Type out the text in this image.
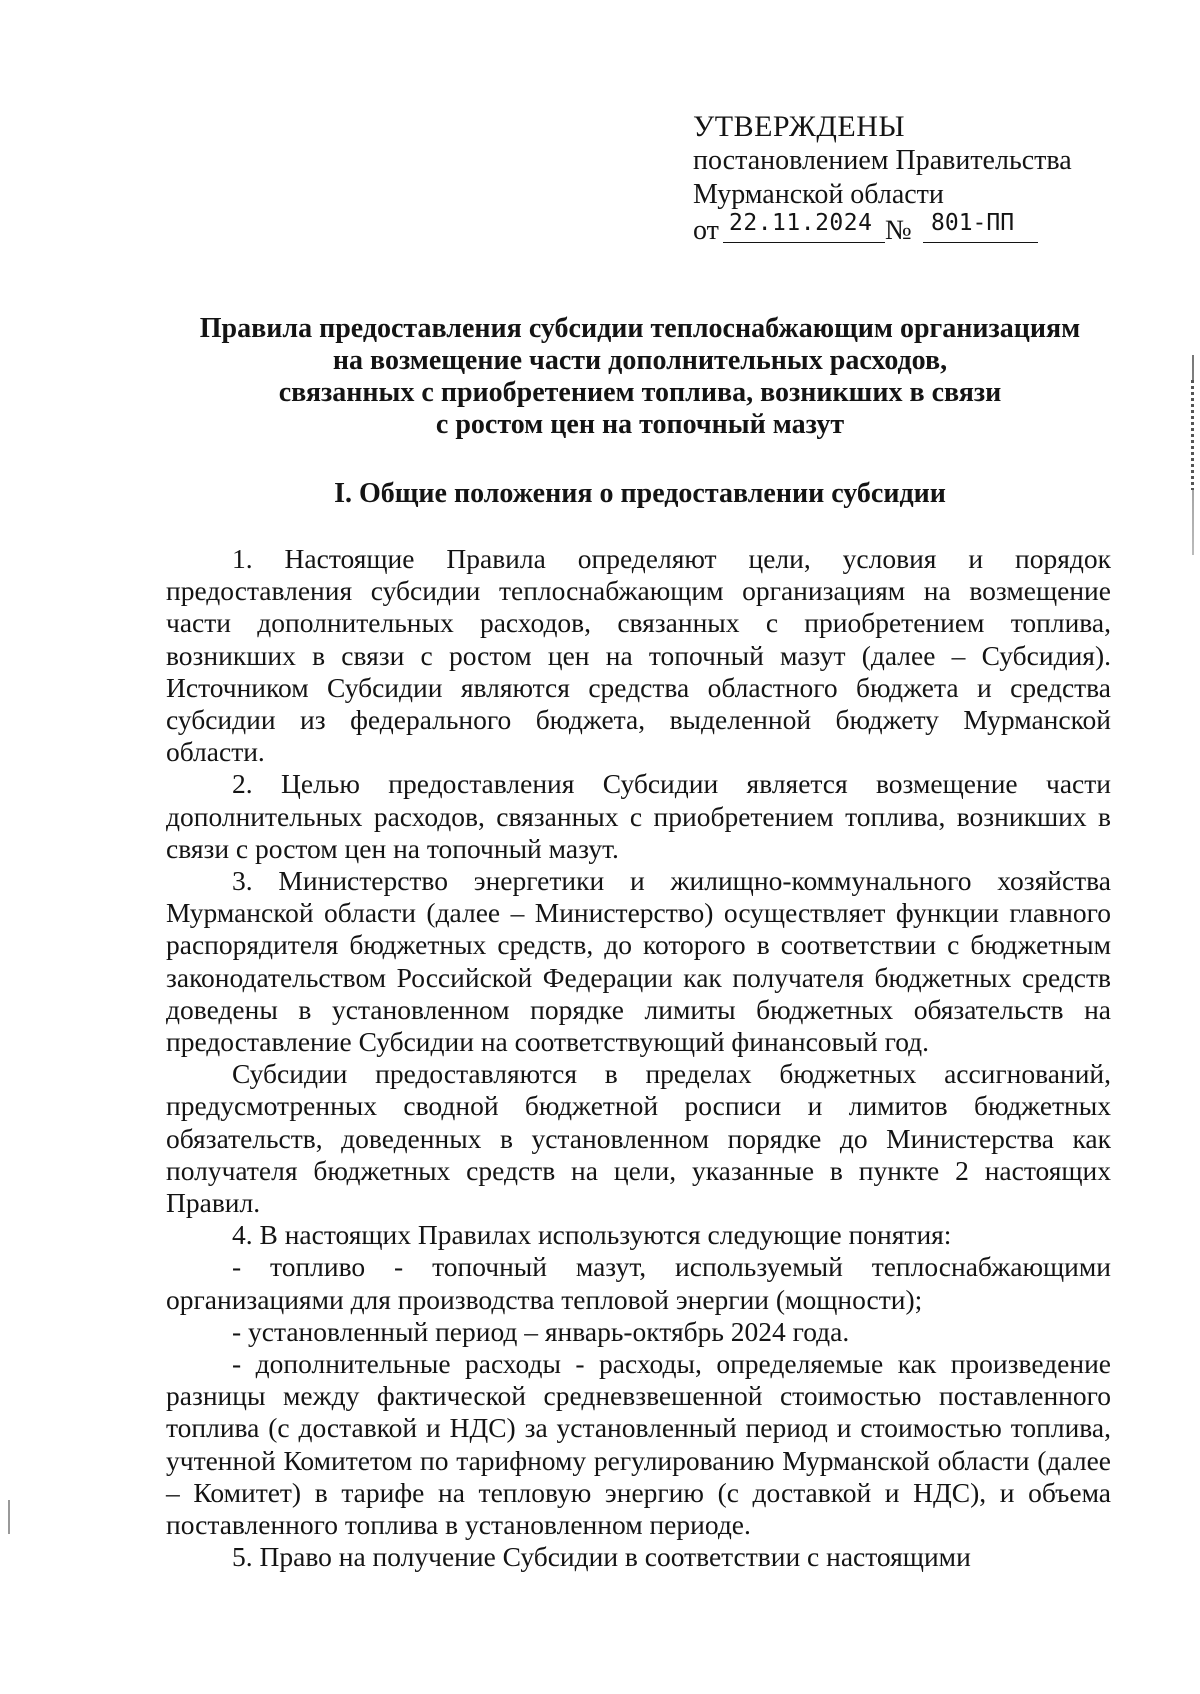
УТВЕРЖДЕНЫ
постановлением Правительства
Мурманской области
от 22.11.2024 № 801-ПП
Правила предоставления субсидии теплоснабжающим организациям
на возмещение части дополнительных расходов,
связанных с приобретением топлива, возникших в связи
с ростом цен на топочный мазут
I. Общие положения о предоставлении субсидии

1. Настоящие Правила определяют цели, условия и порядок предоставления субсидии теплоснабжающим организациям на возмещение части дополнительных расходов, связанных с приобретением топлива, возникших в связи с ростом цен на топочный мазут (далее – Субсидия). Источником Субсидии являются средства областного бюджета и средства субсидии из федерального бюджета, выделенной бюджету Мурманской области.

2. Целью предоставления Субсидии является возмещение части дополнительных расходов, связанных с приобретением топлива, возникших в связи с ростом цен на топочный мазут.

3. Министерство энергетики и жилищно-коммунального хозяйства Мурманской области (далее – Министерство) осуществляет функции главного распорядителя бюджетных средств, до которого в соответствии с бюджетным законодательством Российской Федерации как получателя бюджетных средств доведены в установленном порядке лимиты бюджетных обязательств на предоставление Субсидии на соответствующий финансовый год.

Субсидии предоставляются в пределах бюджетных ассигнований, предусмотренных сводной бюджетной росписи и лимитов бюджетных обязательств, доведенных в установленном порядке до Министерства как получателя бюджетных средств на цели, указанные в пункте 2 настоящих Правил.

4. В настоящих Правилах используются следующие понятия:

- топливо - топочный мазут, используемый теплоснабжающими организациями для производства тепловой энергии (мощности);

- установленный период – январь-октябрь 2024 года.

- дополнительные расходы - расходы, определяемые как произведение разницы между фактической средневзвешенной стоимостью поставленного топлива (с доставкой и НДС) за установленный период и стоимостью топлива, учтенной Комитетом по тарифному регулированию Мурманской области (далее – Комитет) в тарифе на тепловую энергию (с доставкой и НДС), и объема поставленного топлива в установленном периоде.

5. Право на получение Субсидии в соответствии с настоящими
